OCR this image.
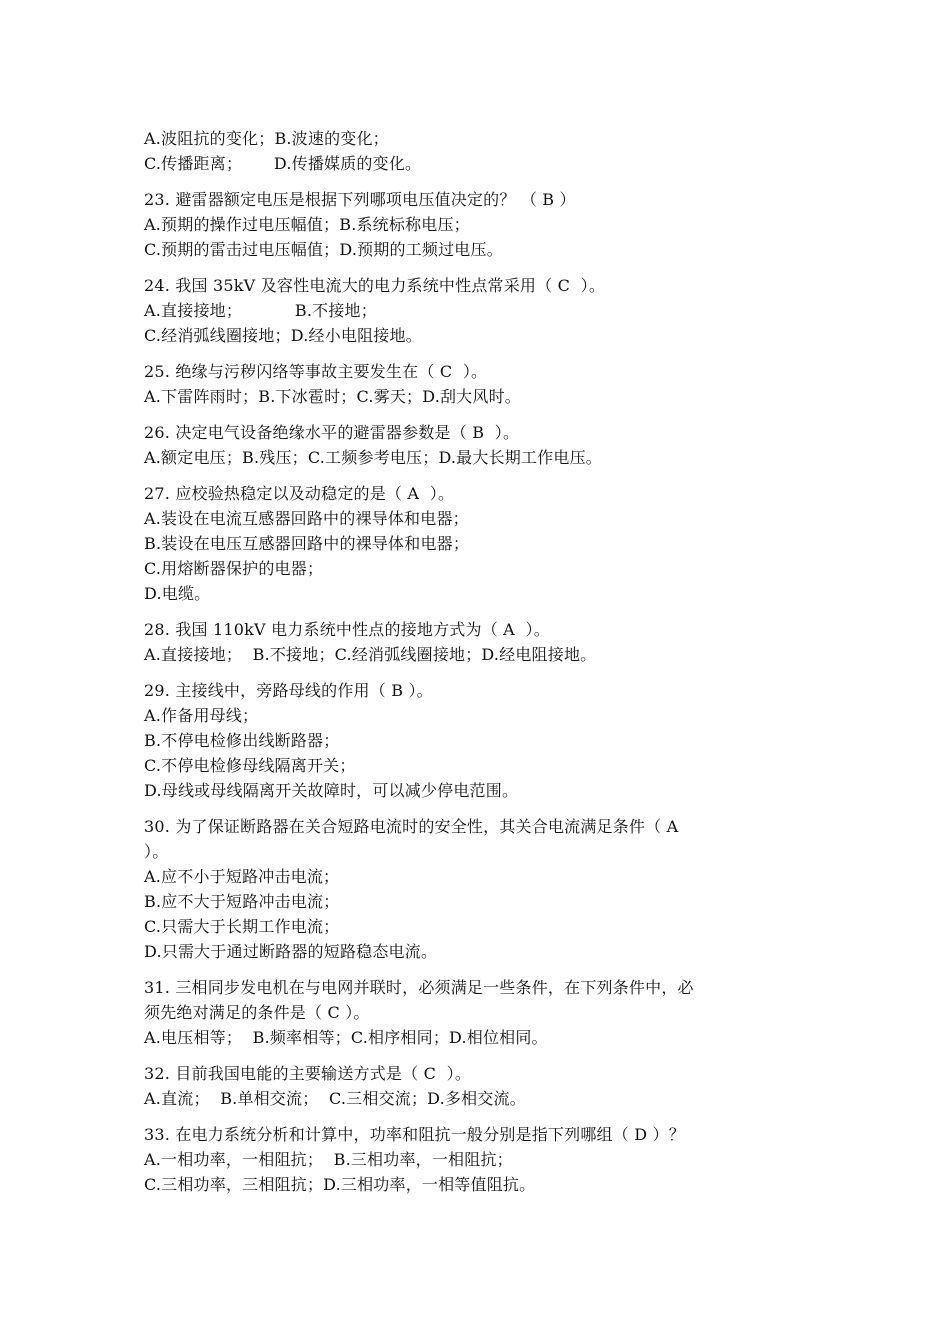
A.波阻抗的变化；B.波速的变化；
C.传播距离；      D.传播媒质的变化。
23. 避雷器额定电压是根据下列哪项电压值决定的？ （ B ）
A.预期的操作过电压幅值；B.系统标称电压；
C.预期的雷击过电压幅值；D.预期的工频过电压。
24. 我国 35kV 及容性电流大的电力系统中性点常采用（ C  ）。
A.直接接地；          B.不接地；
C.经消弧线圈接地；D.经小电阻接地。
25. 绝缘与污秽闪络等事故主要发生在（ C  ）。
A.下雷阵雨时；B.下冰雹时；C.雾天；D.刮大风时。
26. 决定电气设备绝缘水平的避雷器参数是（ B  ）。
A.额定电压；B.残压；C.工频参考电压；D.最大长期工作电压。
27. 应校验热稳定以及动稳定的是（ A  ）。
A.装设在电流互感器回路中的裸导体和电器；
B.装设在电压互感器回路中的裸导体和电器；
C.用熔断器保护的电器；
D.电缆。
28. 我国 110kV 电力系统中性点的接地方式为（ A  ）。
A.直接接地；  B.不接地；C.经消弧线圈接地；D.经电阻接地。
29. 主接线中，旁路母线的作用（ B ）。
A.作备用母线；
B.不停电检修出线断路器；
C.不停电检修母线隔离开关；
D.母线或母线隔离开关故障时，可以减少停电范围。
30. 为了保证断路器在关合短路电流时的安全性，其关合电流满足条件（ A
）。
A.应不小于短路冲击电流；
B.应不大于短路冲击电流；
C.只需大于长期工作电流；
D.只需大于通过断路器的短路稳态电流。
31. 三相同步发电机在与电网并联时，必须满足一些条件，在下列条件中，必
须先绝对满足的条件是（ C ）。
A.电压相等；  B.频率相等；C.相序相同；D.相位相同。
32. 目前我国电能的主要输送方式是（ C  ）。
A.直流；  B.单相交流；  C.三相交流；D.多相交流。
33. 在电力系统分析和计算中，功率和阻抗一般分别是指下列哪组（ D ）？
A.一相功率，一相阻抗；  B.三相功率，一相阻抗；
C.三相功率，三相阻抗；D.三相功率，一相等值阻抗。
